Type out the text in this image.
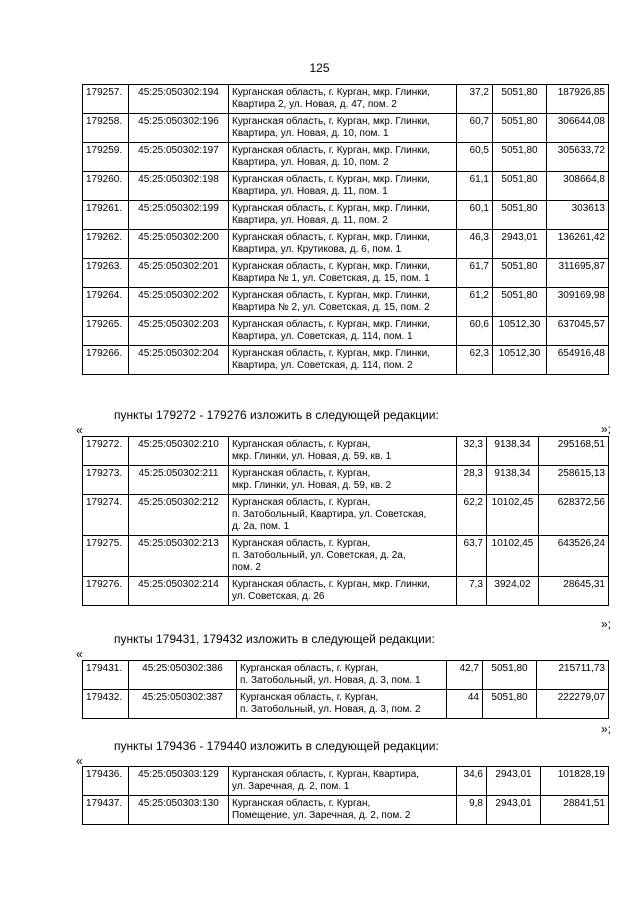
125
179257.	45:25:050302:194	Курганская область, г. Курган, мкр. Глинки,
Квартира 2, ул. Новая, д. 47, пом. 2	37,2	5051,80	187926,85
179258.	45:25:050302:196	Курганская область, г. Курган, мкр. Глинки,
Квартира, ул. Новая, д. 10, пом. 1	60,7	5051,80	306644,08
179259.	45:25:050302:197	Курганская область, г. Курган, мкр. Глинки,
Квартира, ул. Новая, д. 10, пом. 2	60,5	5051,80	305633,72
179260.	45:25:050302:198	Курганская область, г. Курган, мкр. Глинки,
Квартира, ул. Новая, д. 11, пом. 1	61,1	5051,80	308664,8
179261.	45:25:050302:199	Курганская область, г. Курган, мкр. Глинки,
Квартира, ул. Новая, д. 11, пом. 2	60,1	5051,80	303613
179262.	45:25:050302:200	Курганская область, г. Курган, мкр. Глинки,
Квартира, ул. Крутикова, д. 6, пом. 1	46,3	2943,01	136261,42
179263.	45:25:050302:201	Курганская область, г. Курган, мкр. Глинки,
Квартира № 1, ул. Советская, д. 15, пом. 1	61,7	5051,80	311695,87
179264.	45:25:050302:202	Курганская область, г. Курган, мкр. Глинки,
Квартира № 2, ул. Советская, д. 15, пом. 2	61,2	5051,80	309169,98
179265.	45:25:050302:203	Курганская область, г. Курган, мкр. Глинки,
Квартира, ул. Советская, д. 114, пом. 1	60,6	10512,30	637045,57
179266.	45:25:050302:204	Курганская область, г. Курган, мкр. Глинки,
Квартира, ул. Советская, д. 114, пом. 2	62,3	10512,30	654916,48
»;
пункты 179272 - 179276 изложить в следующей редакции:
«
179272.	45:25:050302:210	Курганская область, г. Курган,
мкр. Глинки, ул. Новая, д. 59, кв. 1	32,3	9138,34	295168,51
179273.	45:25:050302:211	Курганская область, г. Курган,
мкр. Глинки, ул. Новая, д. 59, кв. 2	28,3	9138,34	258615,13
179274.	45:25:050302:212	Курганская область, г. Курган,
п. Затобольный, Квартира, ул. Советская,
д. 2а, пом. 1	62,2	10102,45	628372,56
179275.	45:25:050302:213	Курганская область, г. Курган,
п. Затобольный, ул. Советская, д. 2а,
пом. 2	63,7	10102,45	643526,24
179276.	45:25:050302:214	Курганская область, г. Курган, мкр. Глинки,
ул. Советская, д. 26	7,3	3924,02	28645,31
»;
пункты 179431, 179432 изложить в следующей редакции:
«
179431.	45:25:050302:386	Курганская область, г. Курган,
п. Затобольный, ул. Новая, д. 3, пом. 1	42,7	5051,80	215711,73
179432.	45:25:050302:387	Курганская область, г. Курган,
п. Затобольный, ул. Новая, д. 3, пом. 2	44	5051,80	222279,07
»;
пункты 179436 - 179440 изложить в следующей редакции:
«
179436.	45:25:050303:129	Курганская область, г. Курган, Квартира,
ул. Заречная, д. 2, пом. 1	34,6	2943,01	101828,19
179437.	45:25:050303:130	Курганская область, г. Курган,
Помещение, ул. Заречная, д. 2, пом. 2	9,8	2943,01	28841,51
